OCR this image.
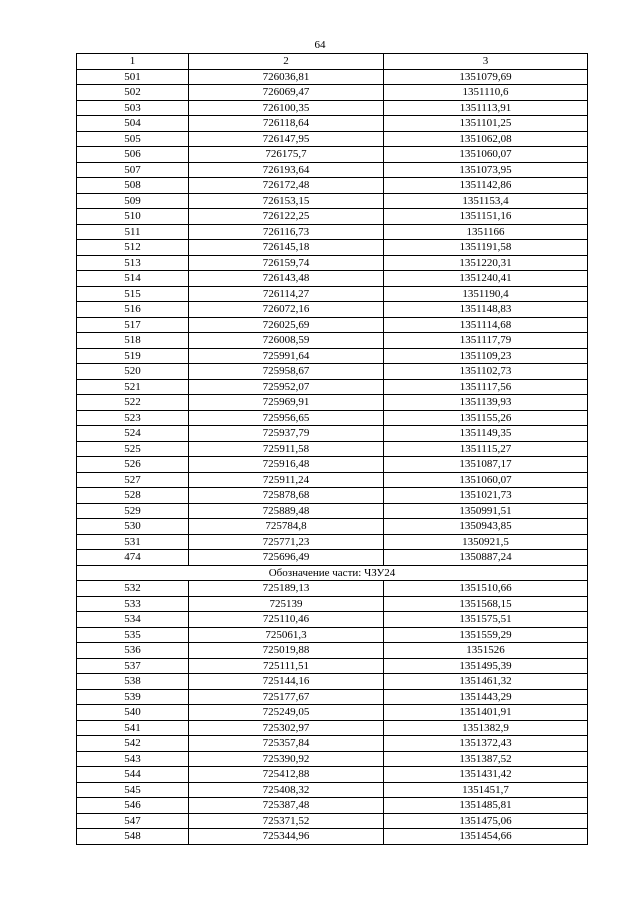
64
1	2	3
501	726036,81	1351079,69
502	726069,47	1351110,6
503	726100,35	1351113,91
504	726118,64	1351101,25
505	726147,95	1351062,08
506	726175,7	1351060,07
507	726193,64	1351073,95
508	726172,48	1351142,86
509	726153,15	1351153,4
510	726122,25	1351151,16
511	726116,73	1351166
512	726145,18	1351191,58
513	726159,74	1351220,31
514	726143,48	1351240,41
515	726114,27	1351190,4
516	726072,16	1351148,83
517	726025,69	1351114,68
518	726008,59	1351117,79
519	725991,64	1351109,23
520	725958,67	1351102,73
521	725952,07	1351117,56
522	725969,91	1351139,93
523	725956,65	1351155,26
524	725937,79	1351149,35
525	725911,58	1351115,27
526	725916,48	1351087,17
527	725911,24	1351060,07
528	725878,68	1351021,73
529	725889,48	1350991,51
530	725784,8	1350943,85
531	725771,23	1350921,5
474	725696,49	1350887,24
Обозначение части: ЧЗУ24		
532	725189,13	1351510,66
533	725139	1351568,15
534	725110,46	1351575,51
535	725061,3	1351559,29
536	725019,88	1351526
537	725111,51	1351495,39
538	725144,16	1351461,32
539	725177,67	1351443,29
540	725249,05	1351401,91
541	725302,97	1351382,9
542	725357,84	1351372,43
543	725390,92	1351387,52
544	725412,88	1351431,42
545	725408,32	1351451,7
546	725387,48	1351485,81
547	725371,52	1351475,06
548	725344,96	1351454,66
